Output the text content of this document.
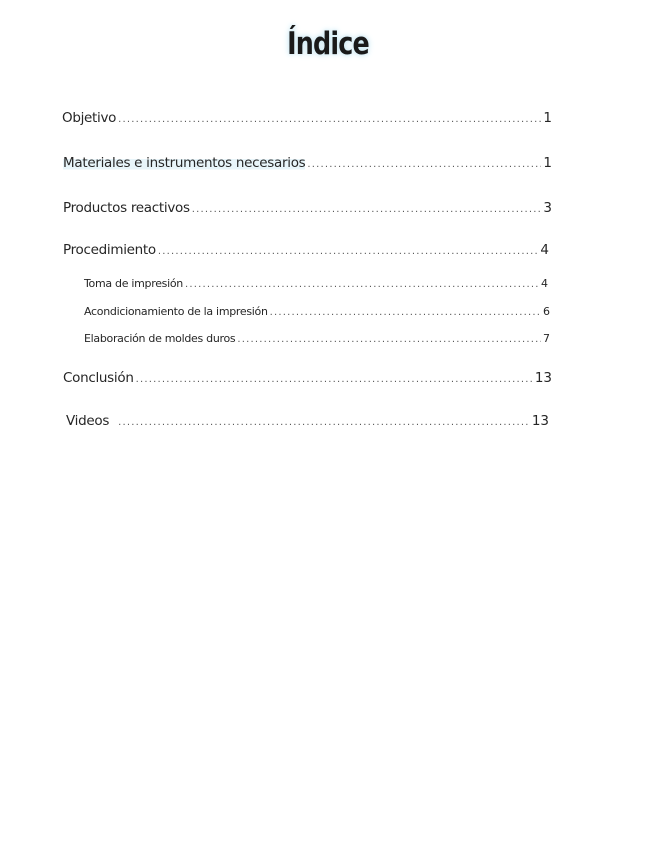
Índice
Objetivo .....	1
Materiales e instrumentos necesarios .....	1
Productos reactivos .....	3
Procedimiento .....	4
Toma de impresión .....	4
Acondicionamiento de la impresión .....	6
Elaboración de moldes duros .....	7
Conclusión .....	13
Videos .....	13
